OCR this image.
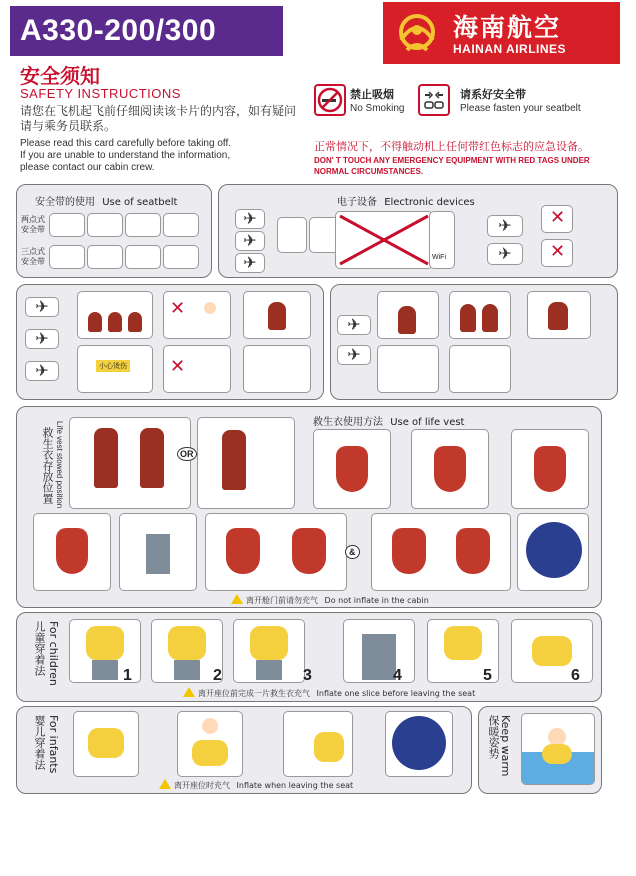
A330-200/300	海南航空
HAINAN AIRLINES
安全须知
SAFETY INSTRUCTIONS
请您在飞机起飞前仔细阅读该卡片的内容，如有疑问请与乘务员联系。
Please read this card carefully before taking off.
If you are unable to understand the information,
please contact our cabin crew.
禁止吸烟
No Smoking
请系好安全带
Please fasten your seatbelt
正常情况下，不得触动机上任何带红色标志的应急设备。
DON' T TOUCH ANY EMERGENCY EQUIPMENT WITH RED TAGS UNDER
NORMAL CIRCUMSTANCES.
安全带的使用 Use of seatbelt
两点式安全带
三点式安全带
电子设备 Electronic devices
✈
✈
✈	WiFi
✈
✈
✕
✕
✈
✈
✈
✕
小心烫伤 ✕
✈
✈
救生衣存放位置 Life vest stowed position	OR
救生衣使用方法 Use of life vest
&
离开舱门前请勿充气 Do not inflate in the cabin
For children
儿童穿着法	1	2	3	4	5	6
离开座位前完成一片救生衣充气 Inflate one slice before leaving the seat
For infants
婴儿穿着法
离开座位时充气 Inflate when leaving the seat
Keep warm
保暖姿势
